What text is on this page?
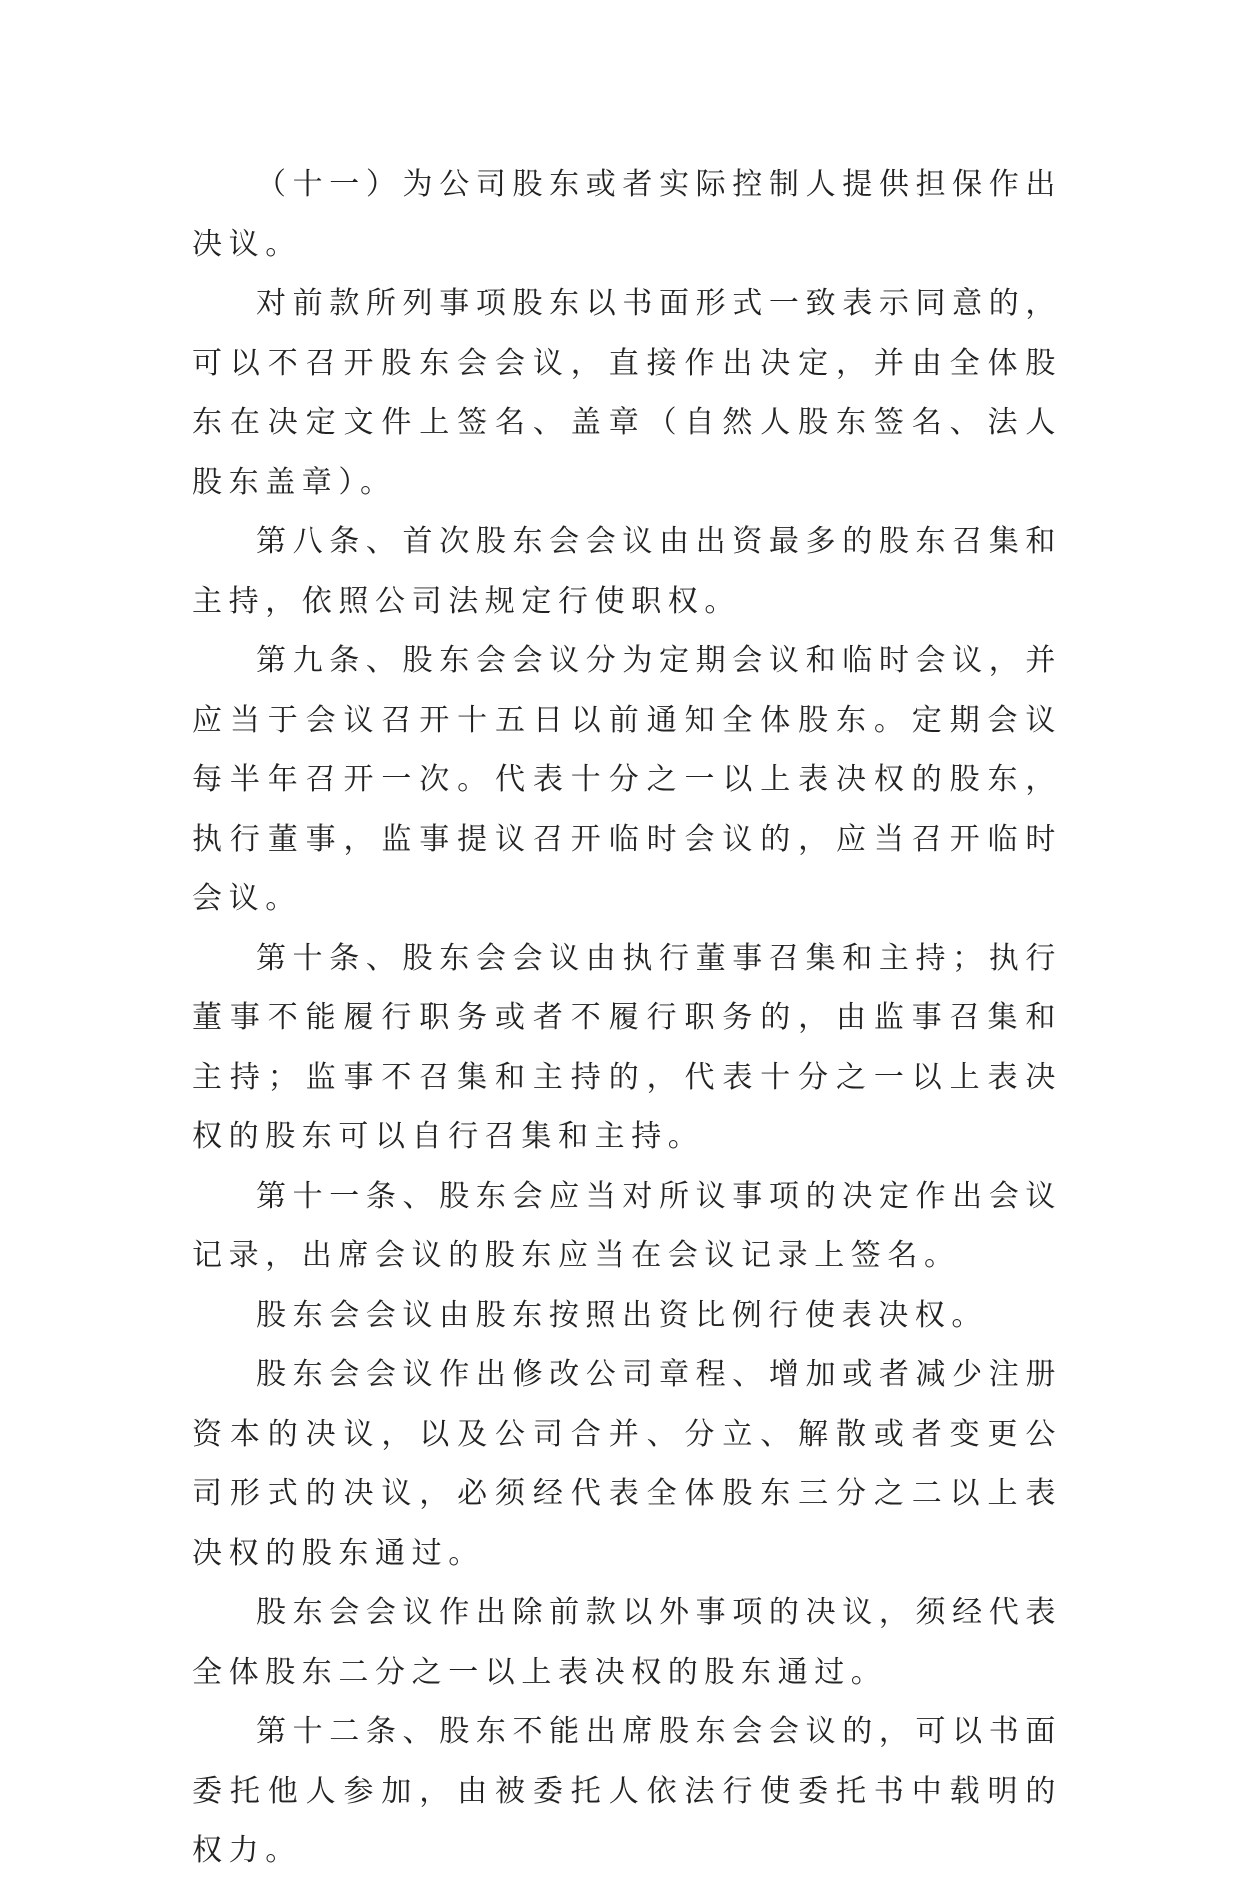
（十一）为公司股东或者实际控制人提供担保作出决议。

对前款所列事项股东以书面形式一致表示同意的，可以不召开股东会会议，直接作出决定，并由全体股东在决定文件上签名、盖章（自然人股东签名、法人股东盖章）。

第八条、首次股东会会议由出资最多的股东召集和主持，依照公司法规定行使职权。

第九条、股东会会议分为定期会议和临时会议，并应当于会议召开十五日以前通知全体股东。定期会议每半年召开一次。代表十分之一以上表决权的股东，执行董事，监事提议召开临时会议的，应当召开临时会议。

第十条、股东会会议由执行董事召集和主持；执行董事不能履行职务或者不履行职务的，由监事召集和主持；监事不召集和主持的，代表十分之一以上表决权的股东可以自行召集和主持。

第十一条、股东会应当对所议事项的决定作出会议记录，出席会议的股东应当在会议记录上签名。

股东会会议由股东按照出资比例行使表决权。

股东会会议作出修改公司章程、增加或者减少注册资本的决议，以及公司合并、分立、解散或者变更公司形式的决议，必须经代表全体股东三分之二以上表决权的股东通过。

股东会会议作出除前款以外事项的决议，须经代表全体股东二分之一以上表决权的股东通过。

第十二条、股东不能出席股东会会议的，可以书面委托他人参加，由被委托人依法行使委托书中载明的权力。
